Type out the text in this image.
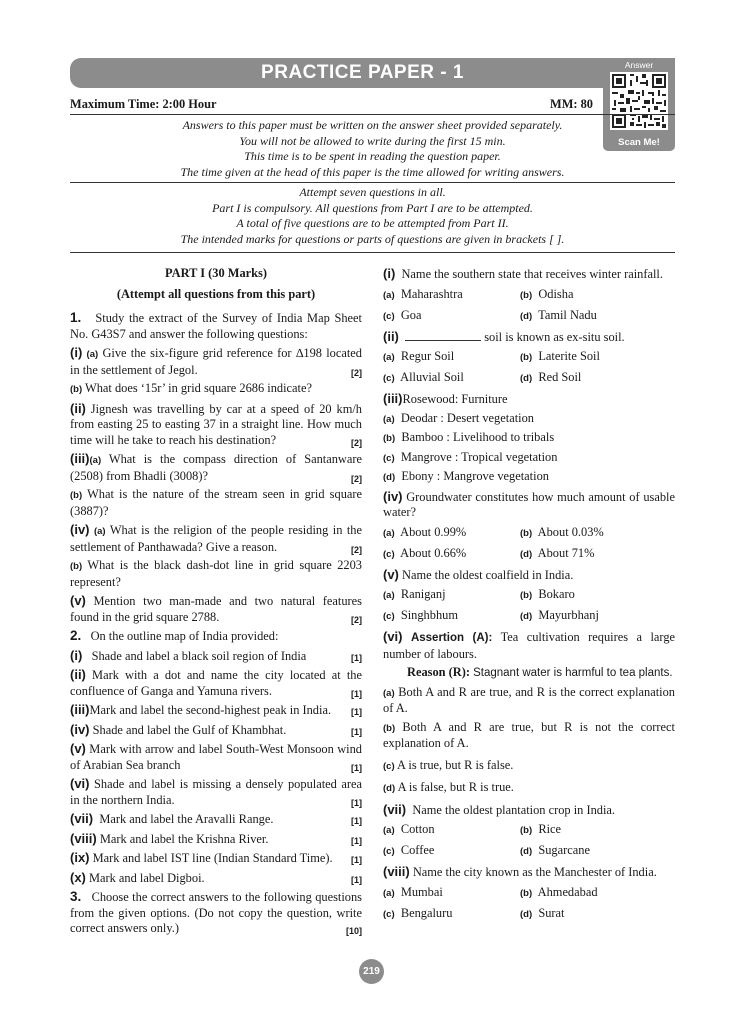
PRACTICE PAPER - 1	Answer
Scan Me!
Maximum Time: 2:00 Hour	MM: 80
Answers to this paper must be written on the answer sheet provided separately.
You will not be allowed to write during the first 15 min.
This time is to be spent in reading the question paper.
The time given at the head of this paper is the time allowed for writing answers.
Attempt seven questions in all.
Part I is compulsory. All questions from Part I are to be attempted.
A total of five questions are to be attempted from Part II.
The intended marks for questions or parts of questions are given in brackets [ ].
PART I (30 Marks)
(Attempt all questions from this part)

1. Study the extract of the Survey of India Map Sheet No. G43S7 and answer the following questions:

(i) (a) Give the six-figure grid reference for ∆198 located in the settlement of Jegol.	[2]

(b) What does ‘15r’ in grid square 2686 indicate?

(ii) Jignesh was travelling by car at a speed of 20 km/h from easting 25 to easting 37 in a straight line. How much time will he take to reach his destination?	[2]

(iii)(a) What is the compass direction of Santanware (2508) from Bhadli (3008)?	[2]

(b) What is the nature of the stream seen in grid square (3887)?

(iv) (a) What is the religion of the people residing in the settlement of Panthawada? Give a reason.	[2]

(b) What is the black dash-dot line in grid square 2203 represent?

(v) Mention two man-made and two natural features found in the grid square 2788.	[2]

2. On the outline map of India provided:

(i) Shade and label a black soil region of India	[1]

(ii) Mark with a dot and name the city located at the confluence of Ganga and Yamuna rivers.	[1]

(iii)Mark and label the second-highest peak in India. [1]

(iv) Shade and label the Gulf of Khambhat.	[1]

(v) Mark with arrow and label South-West Monsoon wind of Arabian Sea branch	[1]

(vi) Shade and label is missing a densely populated area in the northern India.	[1]

(vii) Mark and label the Aravalli Range.	[1]

(viii) Mark and label the Krishna River.	[1]

(ix) Mark and label IST line (Indian Standard Time). [1]

(x) Mark and label Digboi.	[1]

3. Choose the correct answers to the following questions from the given options. (Do not copy the question, write correct answers only.)	[10]

(i) Name the southern state that receives winter rainfall.

(a) Maharashtra	(b) Odisha
(c) Goa	(d) Tamil Nadu

(ii)	soil is known as ex-situ soil.

(a) Regur Soil	(b) Laterite Soil
(c) Alluvial Soil	(d) Red Soil

(iii)Rosewood: Furniture

(a) Deodar : Desert vegetation

(b) Bamboo : Livelihood to tribals

(c) Mangrove : Tropical vegetation

(d) Ebony : Mangrove vegetation

(iv) Groundwater constitutes how much amount of usable water?

(a) About 0.99%	(b) About 0.03%
(c) About 0.66%	(d) About 71%

(v) Name the oldest coalfield in India.

(a) Raniganj	(b) Bokaro
(c) Singhbhum	(d) Mayurbhanj

(vi) Assertion (A): Tea cultivation requires a large number of labours.

Reason (R): Stagnant water is harmful to tea plants.

(a) Both A and R are true, and R is the correct explanation of A.

(b) Both A and R are true, but R is not the correct explanation of A.

(c) A is true, but R is false.

(d) A is false, but R is true.

(vii) Name the oldest plantation crop in India.

(a) Cotton	(b) Rice
(c) Coffee	(d) Sugarcane

(viii) Name the city known as the Manchester of India.

(a) Mumbai	(b) Ahmedabad
(c) Bengaluru	(d) Surat
219
